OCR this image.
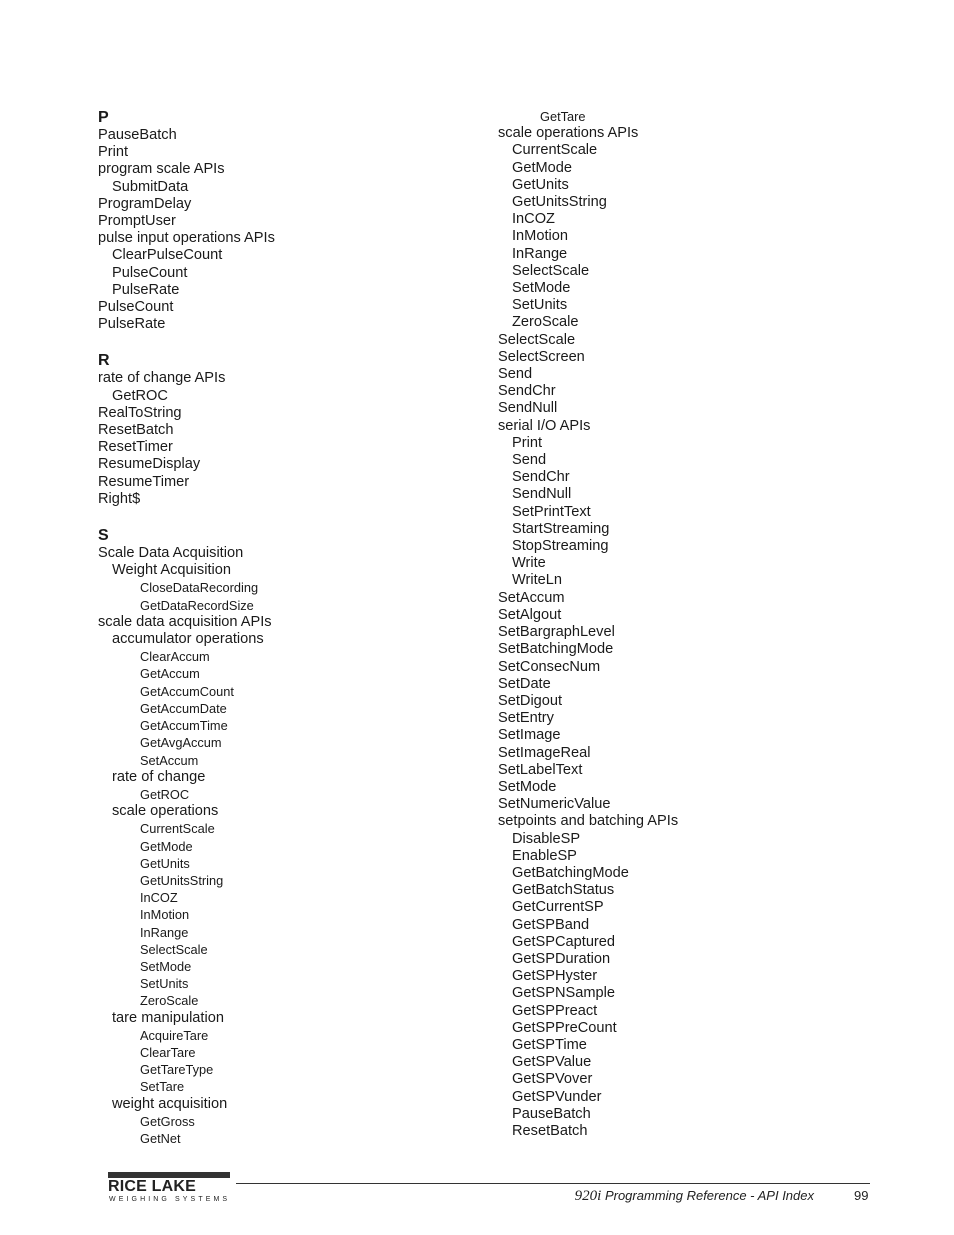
P
PauseBatch
Print
program scale APIs
SubmitData
ProgramDelay
PromptUser
pulse input operations APIs
ClearPulseCount
PulseCount
PulseRate
PulseCount
PulseRate
R
rate of change APIs
GetROC
RealToString
ResetBatch
ResetTimer
ResumeDisplay
ResumeTimer
Right$
S
Scale Data Acquisition
Weight Acquisition
CloseDataRecording
GetDataRecordSize
scale data acquisition APIs
accumulator operations
ClearAccum
GetAccum
GetAccumCount
GetAccumDate
GetAccumTime
GetAvgAccum
SetAccum
rate of change
GetROC
scale operations
CurrentScale
GetMode
GetUnits
GetUnitsString
InCOZ
InMotion
InRange
SelectScale
SetMode
SetUnits
ZeroScale
tare manipulation
AcquireTare
ClearTare
GetTareType
SetTare
weight acquisition
GetGross
GetNet
GetTare
scale operations APIs
CurrentScale
GetMode
GetUnits
GetUnitsString
InCOZ
InMotion
InRange
SelectScale
SetMode
SetUnits
ZeroScale
SelectScale
SelectScreen
Send
SendChr
SendNull
serial I/O APIs
Print
Send
SendChr
SendNull
SetPrintText
StartStreaming
StopStreaming
Write
WriteLn
SetAccum
SetAlgout
SetBargraphLevel
SetBatchingMode
SetConsecNum
SetDate
SetDigout
SetEntry
SetImage
SetImageReal
SetLabelText
SetMode
SetNumericValue
setpoints and batching APIs
DisableSP
EnableSP
GetBatchingMode
GetBatchStatus
GetCurrentSP
GetSPBand
GetSPCaptured
GetSPDuration
GetSPHyster
GetSPNSample
GetSPPreact
GetSPPreCount
GetSPTime
GetSPValue
GetSPVover
GetSPVunder
PauseBatch
ResetBatch
RICE LAKE
WEIGHING SYSTEMS	920i Programming Reference - API Index	99
